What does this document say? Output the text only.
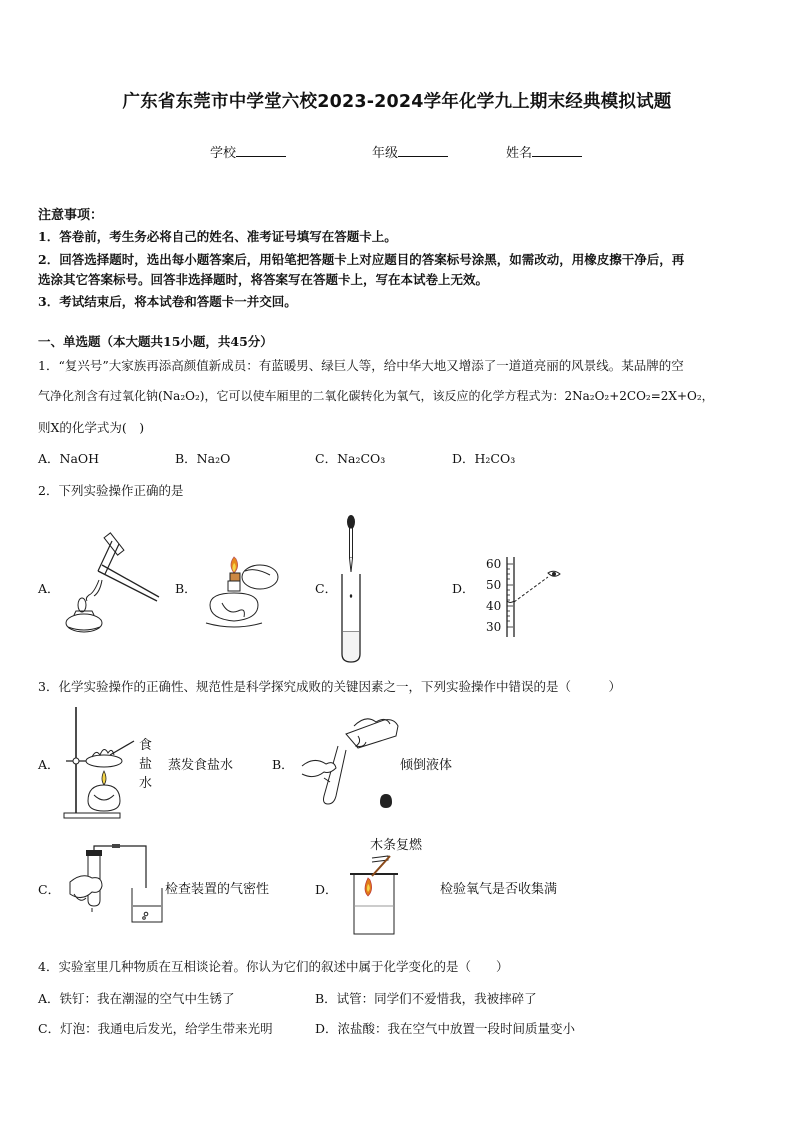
广东省东莞市中学堂六校2023-2024学年化学九上期末经典模拟试题
学校	年级	姓名
注意事项：
1．答卷前，考生务必将自己的姓名、准考证号填写在答题卡上。
2．回答选择题时，选出每小题答案后，用铅笔把答题卡上对应题目的答案标号涂黑，如需改动，用橡皮擦干净后，再
选涂其它答案标号。回答非选择题时，将答案写在答题卡上，写在本试卷上无效。
3．考试结束后，将本试卷和答题卡一并交回。
一、单选题（本大题共15小题，共45分）
1．“复兴号”大家族再添高颜值新成员：有蓝暖男、绿巨人等，给中华大地又增添了一道道亮丽的风景线。某品牌的空
气净化剂含有过氧化钠(Na₂O₂)，它可以使车厢里的二氧化碳转化为氧气，该反应的化学方程式为：2Na₂O₂+2CO₂=2X+O₂，
则X的化学式为(　)
A．NaOH	B．Na₂O	C．Na₂CO₃	D．H₂CO₃
2．下列实验操作正确的是
A．	B．	C．	D．
60
50
40
30
3．化学实验操作的正确性、规范性是科学探究成败的关键因素之一，下列实验操作中错误的是（　　　）
A．
食
盐
水
蒸发食盐水	B．	倾倒液体
C．	检查装置的气密性	D．
木条复燃
检验氧气是否收集满
4．实验室里几种物质在互相谈论着。你认为它们的叙述中属于化学变化的是（　　）
A．铁钉：我在潮湿的空气中生锈了	B．试管：同学们不爱惜我，我被摔碎了
C．灯泡：我通电后发光，给学生带来光明	D．浓盐酸：我在空气中放置一段时间质量变小
